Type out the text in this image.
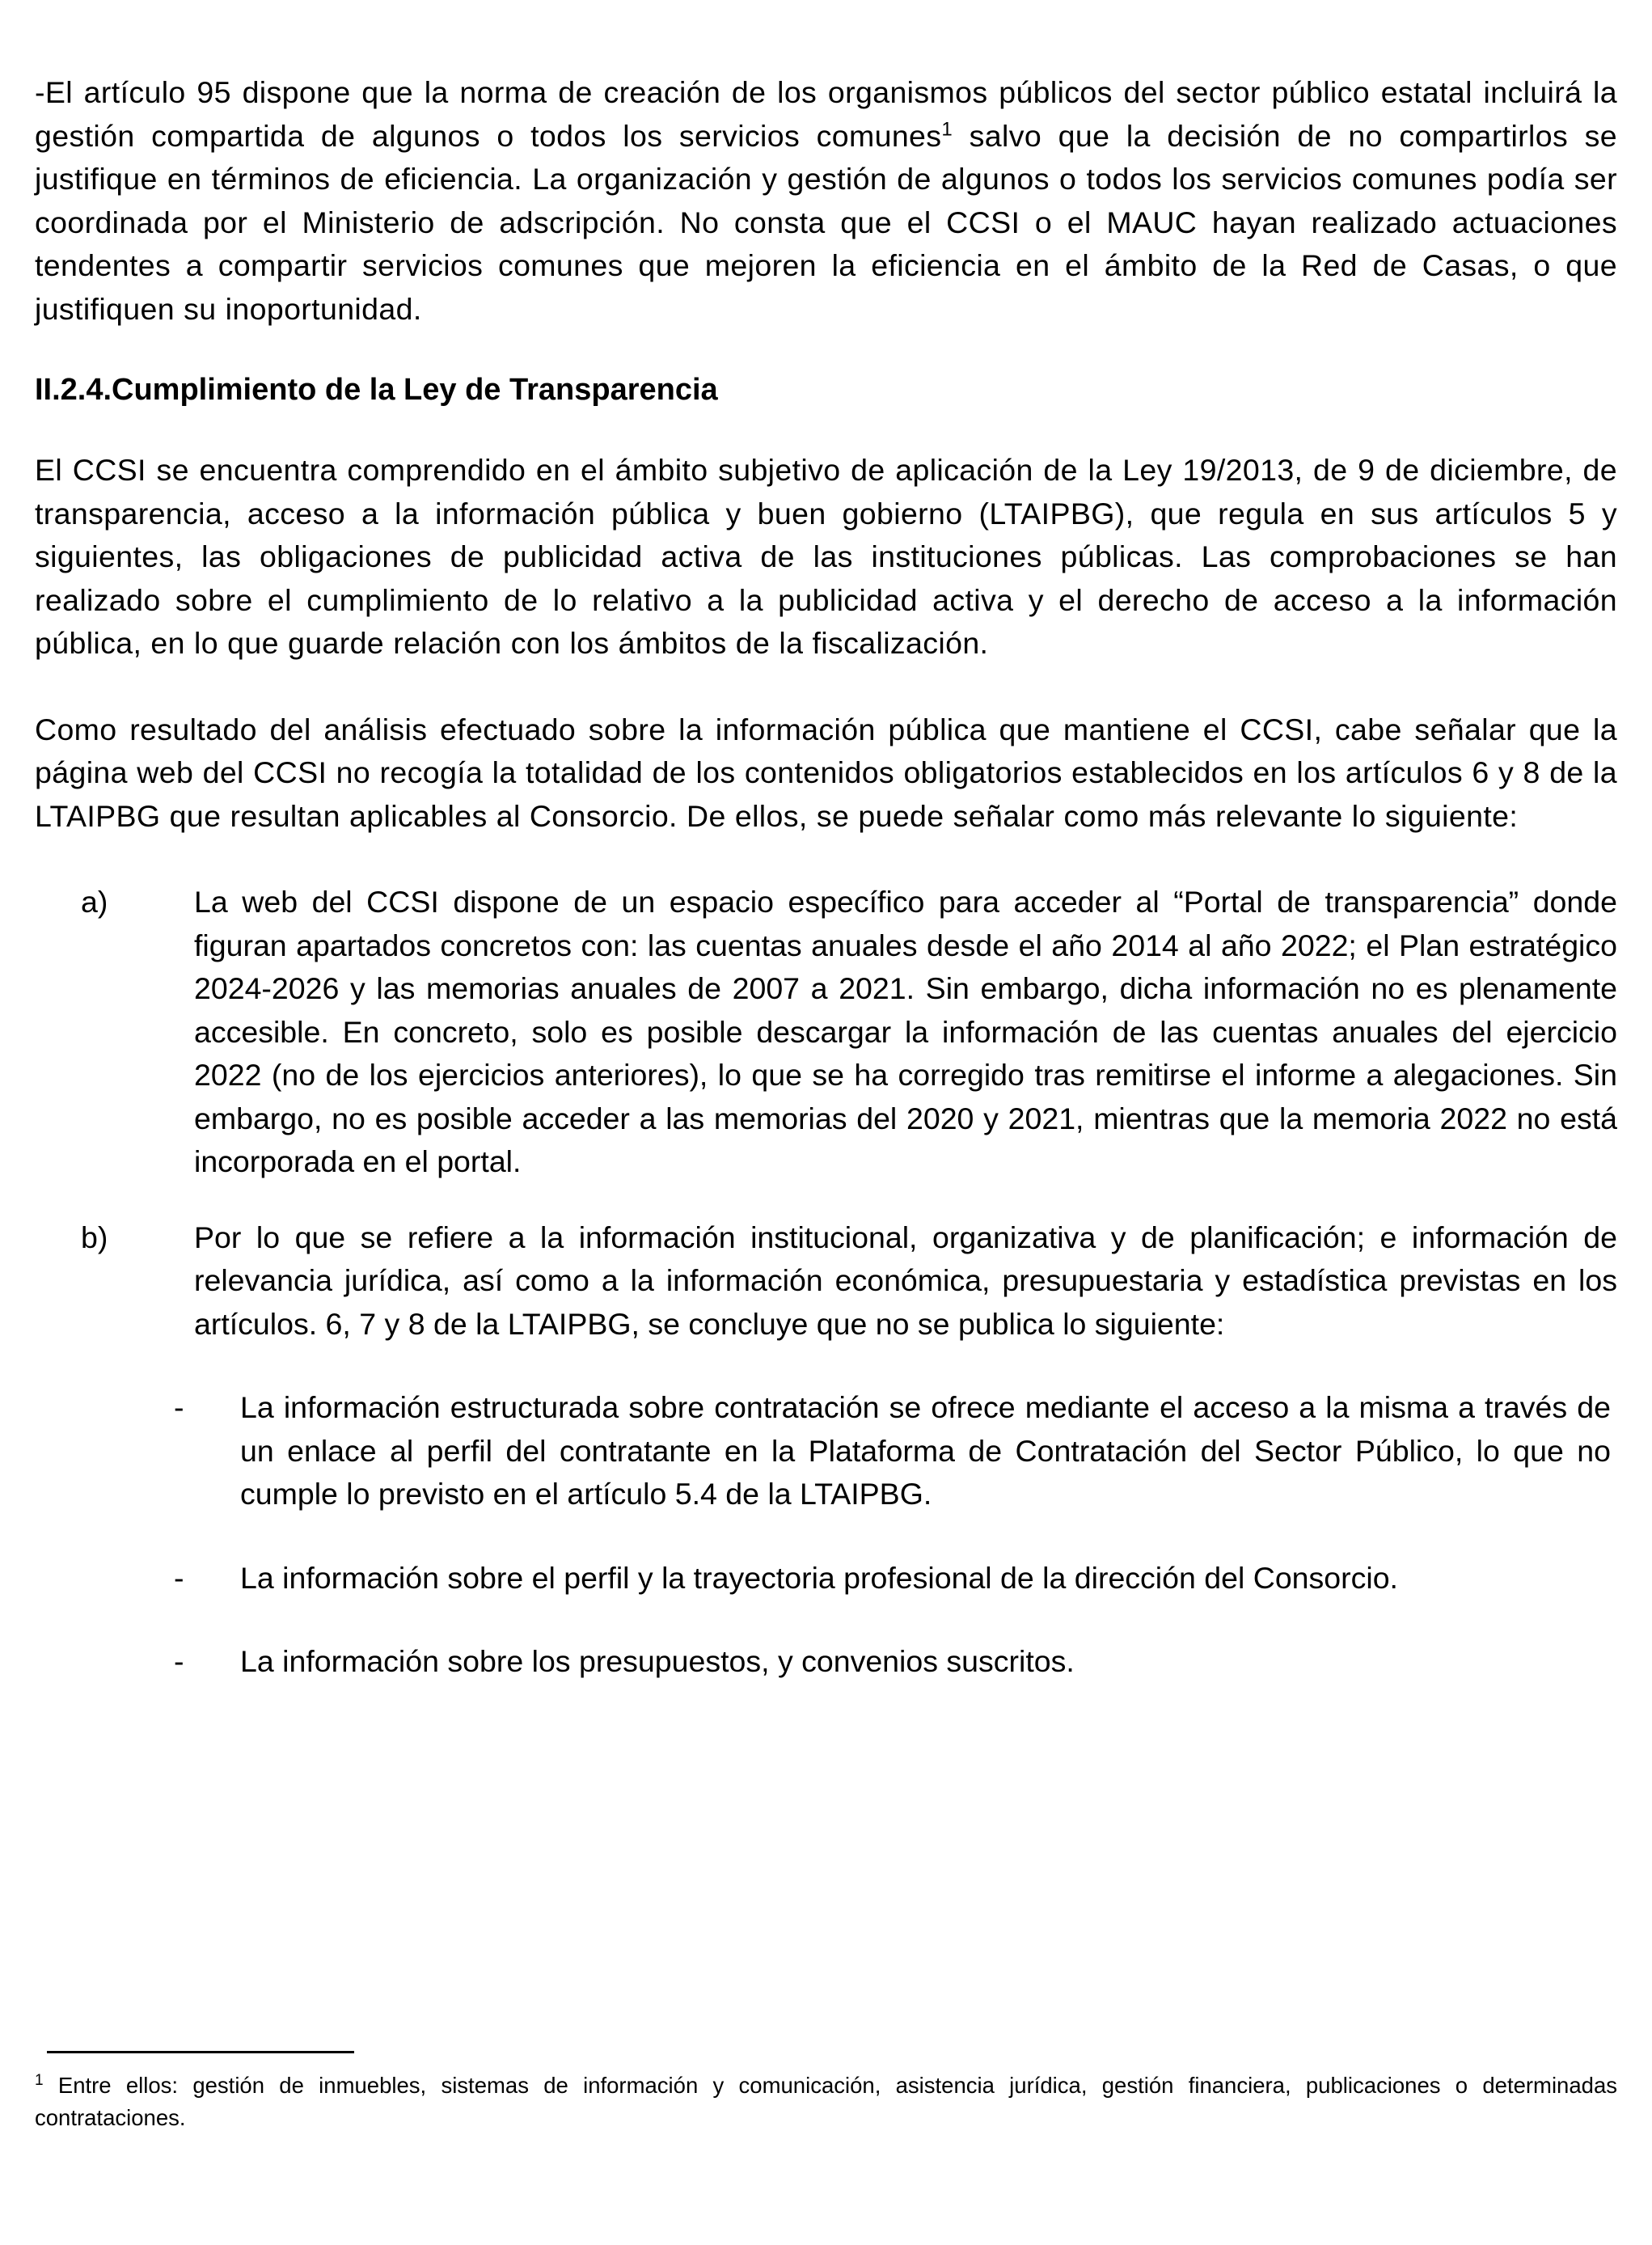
-El artículo 95 dispone que la norma de creación de los organismos públicos del sector público estatal incluirá la gestión compartida de algunos o todos los servicios comunes$^1$ salvo que la decisión de no compartirlos se justifique en términos de eficiencia. La organización y gestión de algunos o todos los servicios comunes podía ser coordinada por el Ministerio de adscripción. No consta que el CCSI o el MAUC hayan realizado actuaciones tendentes a compartir servicios comunes que mejoren la eficiencia en el ámbito de la Red de Casas, o que justifiquen su inoportunidad.

II.2.4.Cumplimiento de la Ley de Transparencia

El CCSI se encuentra comprendido en el ámbito subjetivo de aplicación de la Ley 19/2013, de 9 de diciembre, de transparencia, acceso a la información pública y buen gobierno (LTAIPBG), que regula en sus artículos 5 y siguientes, las obligaciones de publicidad activa de las instituciones públicas. Las comprobaciones se han realizado sobre el cumplimiento de lo relativo a la publicidad activa y el derecho de acceso a la información pública, en lo que guarde relación con los ámbitos de la fiscalización.

Como resultado del análisis efectuado sobre la información pública que mantiene el CCSI, cabe señalar que la página web del CCSI no recogía la totalidad de los contenidos obligatorios establecidos en los artículos 6 y 8 de la LTAIPBG que resultan aplicables al Consorcio. De ellos, se puede señalar como más relevante lo siguiente:

a)	La web del CCSI dispone de un espacio específico para acceder al “Portal de transparencia” donde figuran apartados concretos con: las cuentas anuales desde el año 2014 al año 2022; el Plan estratégico 2024-2026 y las memorias anuales de 2007 a 2021. Sin embargo, dicha información no es plenamente accesible. En concreto, solo es posible descargar la información de las cuentas anuales del ejercicio 2022 (no de los ejercicios anteriores), lo que se ha corregido tras remitirse el informe a alegaciones. Sin embargo, no es posible acceder a las memorias del 2020 y 2021, mientras que la memoria 2022 no está incorporada en el portal.
b)	Por lo que se refiere a la información institucional, organizativa y de planificación; e información de relevancia jurídica, así como a la información económica, presupuestaria y estadística previstas en los artículos. 6, 7 y 8 de la LTAIPBG, se concluye que no se publica lo siguiente:
- La información estructurada sobre contratación se ofrece mediante el acceso a la misma a través de un enlace al perfil del contratante en la Plataforma de Contratación del Sector Público, lo que no cumple lo previsto en el artículo 5.4 de la LTAIPBG.
- La información sobre el perfil y la trayectoria profesional de la dirección del Consorcio.
- La información sobre los presupuestos, y convenios suscritos.

$^1$ Entre ellos: gestión de inmuebles, sistemas de información y comunicación, asistencia jurídica, gestión financiera, publicaciones o determinadas contrataciones.
